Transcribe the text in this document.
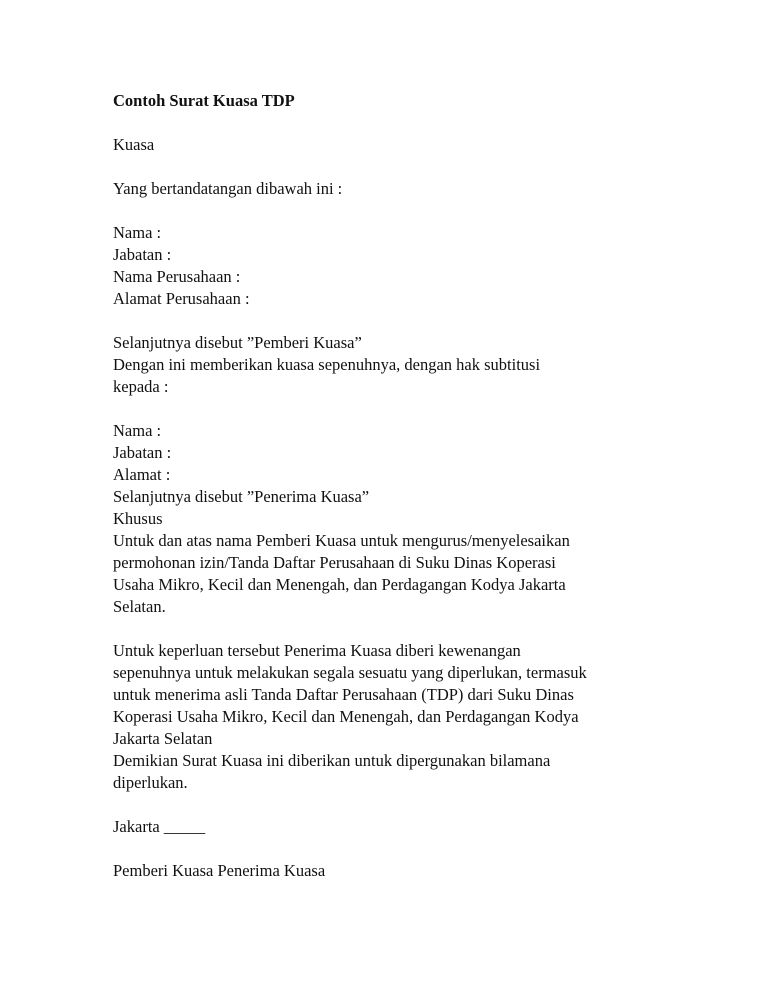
Contoh Surat Kuasa TDP
Kuasa
Yang bertandatangan dibawah ini :
Nama :
Jabatan :
Nama Perusahaan :
Alamat Perusahaan :
Selanjutnya disebut ”Pemberi Kuasa”
Dengan ini memberikan kuasa sepenuhnya, dengan hak subtitusi
kepada :
Nama :
Jabatan :
Alamat :
Selanjutnya disebut ”Penerima Kuasa”
Khusus
Untuk dan atas nama Pemberi Kuasa untuk mengurus/menyelesaikan
permohonan izin/Tanda Daftar Perusahaan di Suku Dinas Koperasi
Usaha Mikro, Kecil dan Menengah, dan Perdagangan Kodya Jakarta
Selatan.
Untuk keperluan tersebut Penerima Kuasa diberi kewenangan
sepenuhnya untuk melakukan segala sesuatu yang diperlukan, termasuk
untuk menerima asli Tanda Daftar Perusahaan (TDP) dari Suku Dinas
Koperasi Usaha Mikro, Kecil dan Menengah, dan Perdagangan Kodya
Jakarta Selatan
Demikian Surat Kuasa ini diberikan untuk dipergunakan bilamana
diperlukan.
Jakarta _____
Pemberi Kuasa Penerima Kuasa
